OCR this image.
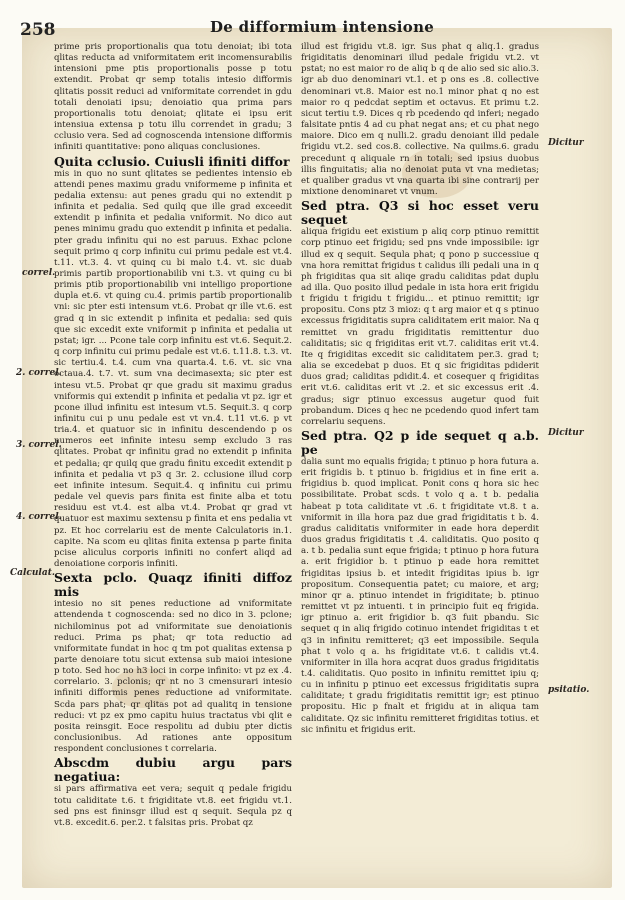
258	De difformium intensione

prime pris proportionalis qua totu denoiat; ibi tota qlitas reducta ad vniformitatem erit incomensurabilis intensioni pme ptis proportionalis posse p totu extendit. Probat qr semp totalis intesio difformis qlitatis possit reduci ad vniformitate correndet in gdu totali denoiati ipsu; denoiatio qua prima pars proportionalis totu denoiat; qlitate ei ipsu erit intensiua extensa p totu illu correndet in gradu; 3 cclusio vera. Sed ad cognoscenda intensione difformis infiniti quantitative: pono aliquas conclusiones.

Quita cclusio. Cuiusli ifiniti diffor

mis in quo no sunt qlitates se pedientes intensio eb attendi penes maximu gradu vniformeme p infinita et pedalia extensu: aut penes gradu qui no extendit p infinita et pedalia. Sed quilq que ille grad exceedit extendit p infinita et pedalia vniformit. No dico aut penes minimu gradu quo extendit p infinita et pedalia. pter gradu infinitu qui no est paruus. Exhac pclone sequit primo q corp infinitu cui primu pedale est vt.4. t.11. vt.3. 4. vt quinq cu bi malo t.4. vt. sic duab primis partib proportionabilib vni t.3. vt quing cu bi primis ptib proportionabilib vni intelligo proportione dupla et.6. vt quing cu.4. primis partib proportionalib vni: sic pter esti intensum vt.6. Probat qr ille vt.6. est grad q in sic extendit p infinita et pedalia: sed quis que sic excedit exte vniformit p infinita et pedalia ut pstat; igr. ... Pcone tale corp infinitu est vt.6. Sequit.2. q corp infinitu cui primu pedale est vt.6. t.11.8. t.3. vt. sic tertiu.4. t.4. cum vna quarta.4. t.6. vt. sic vna octaua.4. t.7. vt. sum vna decimasexta; sic pter est intesu vt.5. Probat qr que gradu sit maximu gradus vniformis qui extendit p infinita et pedalia vt pz. igr et pcone illud infinitu est intesum vt.5. Sequit.3. q corp infinitu cui p unu pedale est vt vn.4. t.11 vt.6. p vt tria.4. et quatuor sic in infinitu descendendo p os numeros eet infinite intesu semp excludo 3 ras qlitates. Probat qr infinitu grad no extendit p infinita et pedalia; qr quilq que gradu finitu excedit extendit p infinita et pedalia vt p3 q 3r. 2. cclusione illud corp eet infinite intesum. Sequit.4. q infinitu cui primu pedale vel quevis pars finita est finite alba et totu residuu est vt.4. est alba vt.4. Probat qr grad vt quatuor est maximu sextensu p finita et ens pedalia vt pz. Et hoc correlariu est de mente Calculatoris in.1. capite. Na scom eu qlitas finita extensa p parte finita pcise aliculus corporis infiniti no confert aliqd ad denoiatione corporis infiniti.

Sexta pclo. Quaqz ifiniti diffoz mis

intesio no sit penes reductione ad vniformitate attendenda t cognoscenda: sed no dico in 3. pclone; nichilominus pot ad vniformitate sue denoiationis reduci. Prima ps phat; qr tota reductio ad vniformitate fundat in hoc q tm pot qualitas extensa p parte denoiare totu sicut extensa sub maioi intesione p toto. Sed hoc no h3 loci in corpe infinito: vt pz ex .4. correlario. 3. pclonis; qr nt no 3 cmensurari intesio infiniti difformis penes reductione ad vniformitate. Scda pars phat; qr qlitas pot ad qualitq in tensione reduci: vt pz ex pmo capitu huius tractatus vbi qlit e posita reinsgit. Eoce respolitu ad dubiu pter dictis conclusionibus. Ad rationes ante oppositum respondent conclusiones t correlaria.

Abscdm dubiu argu pars negatiua:

si pars affirmativa eet vera; sequit q pedale frigidu totu caliditate t.6. t frigiditate vt.8. eet frigidu vt.1. sed pns est fininsgr illud est q sequit. Sequla pz q vt.8. excedit.6. per.2. t falsitas pris. Probat qz

illud est frigidu vt.8. igr. Sus phat q aliq.1. gradus frigiditatis denominari illud pedale frigidu vt.2. vt pstat; no est maior ro de aliq b q de alio sed sic alio.3. igr ab duo denominari vt.1. et p ons es .8. collective denominari vt.8. Maior est no.1 minor phat q no est maior ro q pedcdat septim et octavus. Et primu t.2. sicut tertiu t.9. Dices q rb pcedendo qd inferi; negado falsitate pntis 4 ad cu phat negat ans; et cu phat nego maiore. Dico em q nulli.2. gradu denoiant illd pedale frigidu vt.2. sed cos.8. collective. Na quilms.6. gradu precedunt q aliquale rn in totali; sed ipsius duobus illis finguitatis; alia no denoiat puta vt vna medietas; et qualiber gradus vt vna quarta ibi sine contrarij per mixtione denominaret vt vnum.

Sed ptra. Q3 si hoc esset veru sequet

aliqua frigidu eet existium p aliq corp ptinuo remittit corp ptinuo eet frigidu; sed pns vnde impossibile: igr illud ex q sequit. Sequla phat; q pono p successiue q vna hora remittat frigidus t calidus illi pedali una in q ph frigiditas qua sit aliqe gradu caliditas pdat duplu ad illa. Quo posito illud pedale in ista hora erit frigidu t frigidu t frigidu t frigidu... et ptinuo remittit; igr propositu. Cons ptz 3 mioz: q t arg maior et q s ptinuo excessus frigiditatis supra caliditatem erit maior. Na q remittet vn gradu frigiditatis remittentur duo caliditatis; sic q frigiditas erit vt.7. caliditas erit vt.4. Ite q frigiditas excedit sic caliditatem per.3. grad t; alia se excedebat p duos. Et q sic frigiditas pdiderit duos grad; caliditas pdidit.4. et cosequer q frigiditas erit vt.6. caliditas erit vt .2. et sic excessus erit .4. gradus; sigr ptinuo excessus augetur quod fuit probandum. Dices q hec ne pcedendo quod infert tam correlariu sequens.

Sed ptra. Q2 p ide sequet q a.b. pe

dalia sunt mo equalis frigida; t ptinuo p hora futura a. erit frigidis b. t ptinuo b. frigidius et in fine erit a. frigidius b. quod implicat. Ponit cons q hora sic hec possibilitate. Probat scds. t volo q a. t b. pedalia habeat p tota caliditate vt .6. t frigiditate vt.8. t a. vniformit in illa hora paz due grad frigiditatis t b. 4. gradus caliditatis vniformiter in eade hora deperdit duos gradus frigiditatis t .4. caliditatis. Quo posito q a. t b. pedalia sunt eque frigida; t ptinuo p hora futura a. erit frigidior b. t ptinuo p eade hora remittet frigiditas ipsius b. et intedit frigiditas ipius b. igr propositum. Consequentia patet; cu maiore, et arg; minor qr a. ptinuo intendet in frigiditate; b. ptinuo remittet vt pz intuenti. t in principio fuit eq frigida. igr ptinuo a. erit frigidior b. q3 fuit pbandu. Sic sequet q in aliq frigido cotinuo intendet frigiditas t et q3 in infinitu remitteret; q3 eet impossibile. Sequla phat t volo q a. hs frigiditate vt.6. t calidis vt.4. vniformiter in illa hora acqrat duos gradus frigiditatis t.4. caliditatis. Quo posito in infinitu remittet ipiu q; cu in infinitu p ptinuo eet excessus frigiditatis supra caliditate; t gradu frigiditatis remittit igr; est ptinuo propositu. Hic p fnalt et frigidu at in aliqua tam caliditate. Qz sic infinitu remitteret frigiditas totius. et sic infinitu et frigidus erit.

correl.
2. correl.
3. correl.
4. correl.
Calculat.
Dicitur
Dicitur
psitatio.
